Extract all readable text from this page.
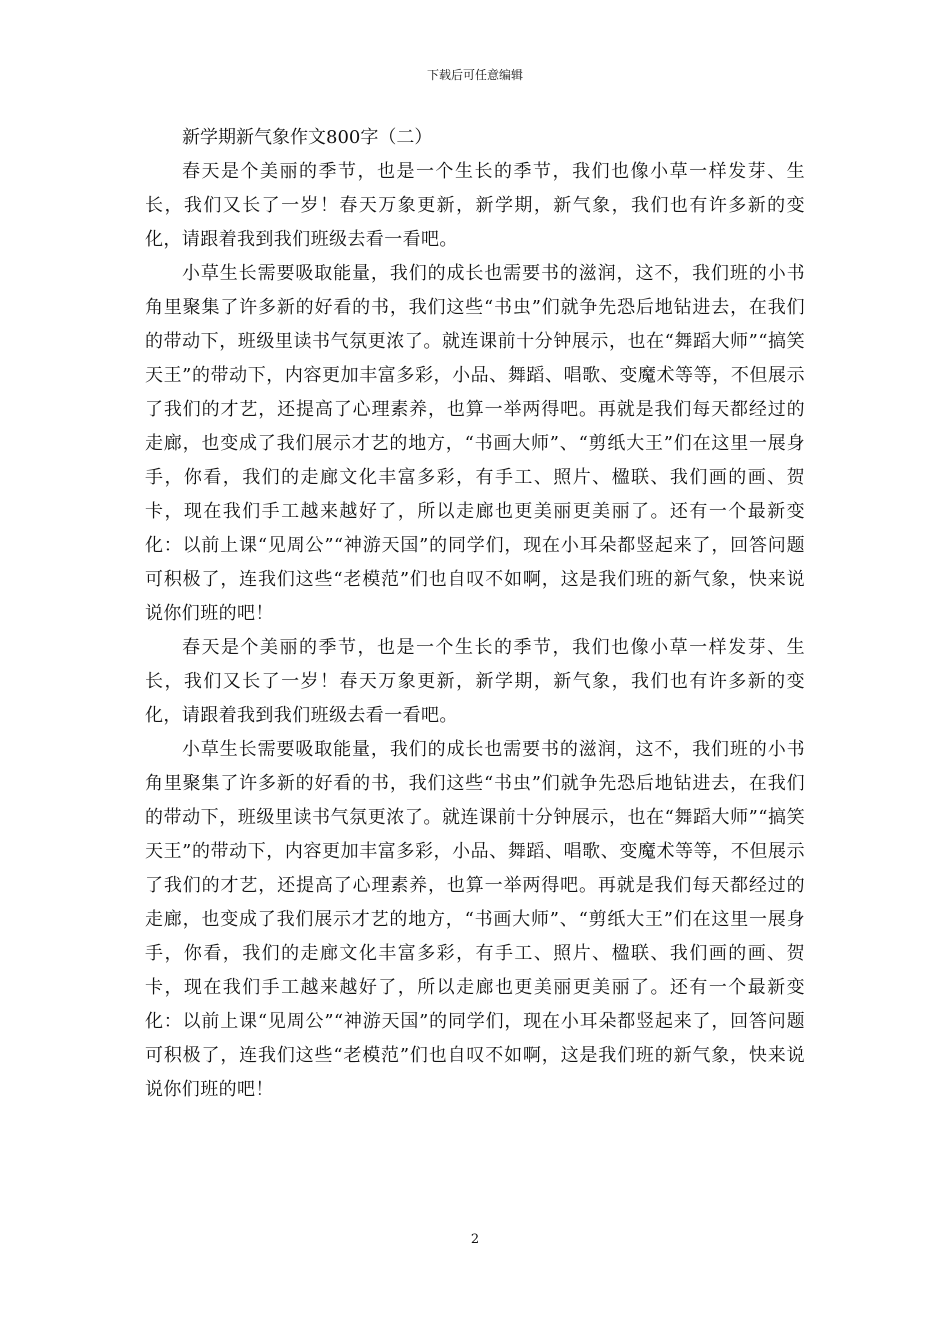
下载后可任意编辑

新学期新气象作文800字（二）

春天是个美丽的季节，也是一个生长的季节，我们也像小草一样发芽、生长，我们又长了一岁！春天万象更新，新学期，新气象，我们也有许多新的变化，请跟着我到我们班级去看一看吧。

小草生长需要吸取能量，我们的成长也需要书的滋润，这不，我们班的小书角里聚集了许多新的好看的书，我们这些“书虫”们就争先恐后地钻进去，在我们的带动下，班级里读书气氛更浓了。就连课前十分钟展示，也在“舞蹈大师”“搞笑天王”的带动下，内容更加丰富多彩，小品、舞蹈、唱歌、变魔术等等，不但展示了我们的才艺，还提高了心理素养，也算一举两得吧。再就是我们每天都经过的走廊，也变成了我们展示才艺的地方，“书画大师”、“剪纸大王”们在这里一展身手，你看，我们的走廊文化丰富多彩，有手工、照片、楹联、我们画的画、贺卡，现在我们手工越来越好了，所以走廊也更美丽更美丽了。还有一个最新变化：以前上课“见周公”“神游天国”的同学们，现在小耳朵都竖起来了，回答问题可积极了，连我们这些“老模范”们也自叹不如啊，这是我们班的新气象，快来说说你们班的吧！

春天是个美丽的季节，也是一个生长的季节，我们也像小草一样发芽、生长，我们又长了一岁！春天万象更新，新学期，新气象，我们也有许多新的变化，请跟着我到我们班级去看一看吧。

小草生长需要吸取能量，我们的成长也需要书的滋润，这不，我们班的小书角里聚集了许多新的好看的书，我们这些“书虫”们就争先恐后地钻进去，在我们的带动下，班级里读书气氛更浓了。就连课前十分钟展示，也在“舞蹈大师”“搞笑天王”的带动下，内容更加丰富多彩，小品、舞蹈、唱歌、变魔术等等，不但展示了我们的才艺，还提高了心理素养，也算一举两得吧。再就是我们每天都经过的走廊，也变成了我们展示才艺的地方，“书画大师”、“剪纸大王”们在这里一展身手，你看，我们的走廊文化丰富多彩，有手工、照片、楹联、我们画的画、贺卡，现在我们手工越来越好了，所以走廊也更美丽更美丽了。还有一个最新变化：以前上课“见周公”“神游天国”的同学们，现在小耳朵都竖起来了，回答问题可积极了，连我们这些“老模范”们也自叹不如啊，这是我们班的新气象，快来说说你们班的吧！

2
